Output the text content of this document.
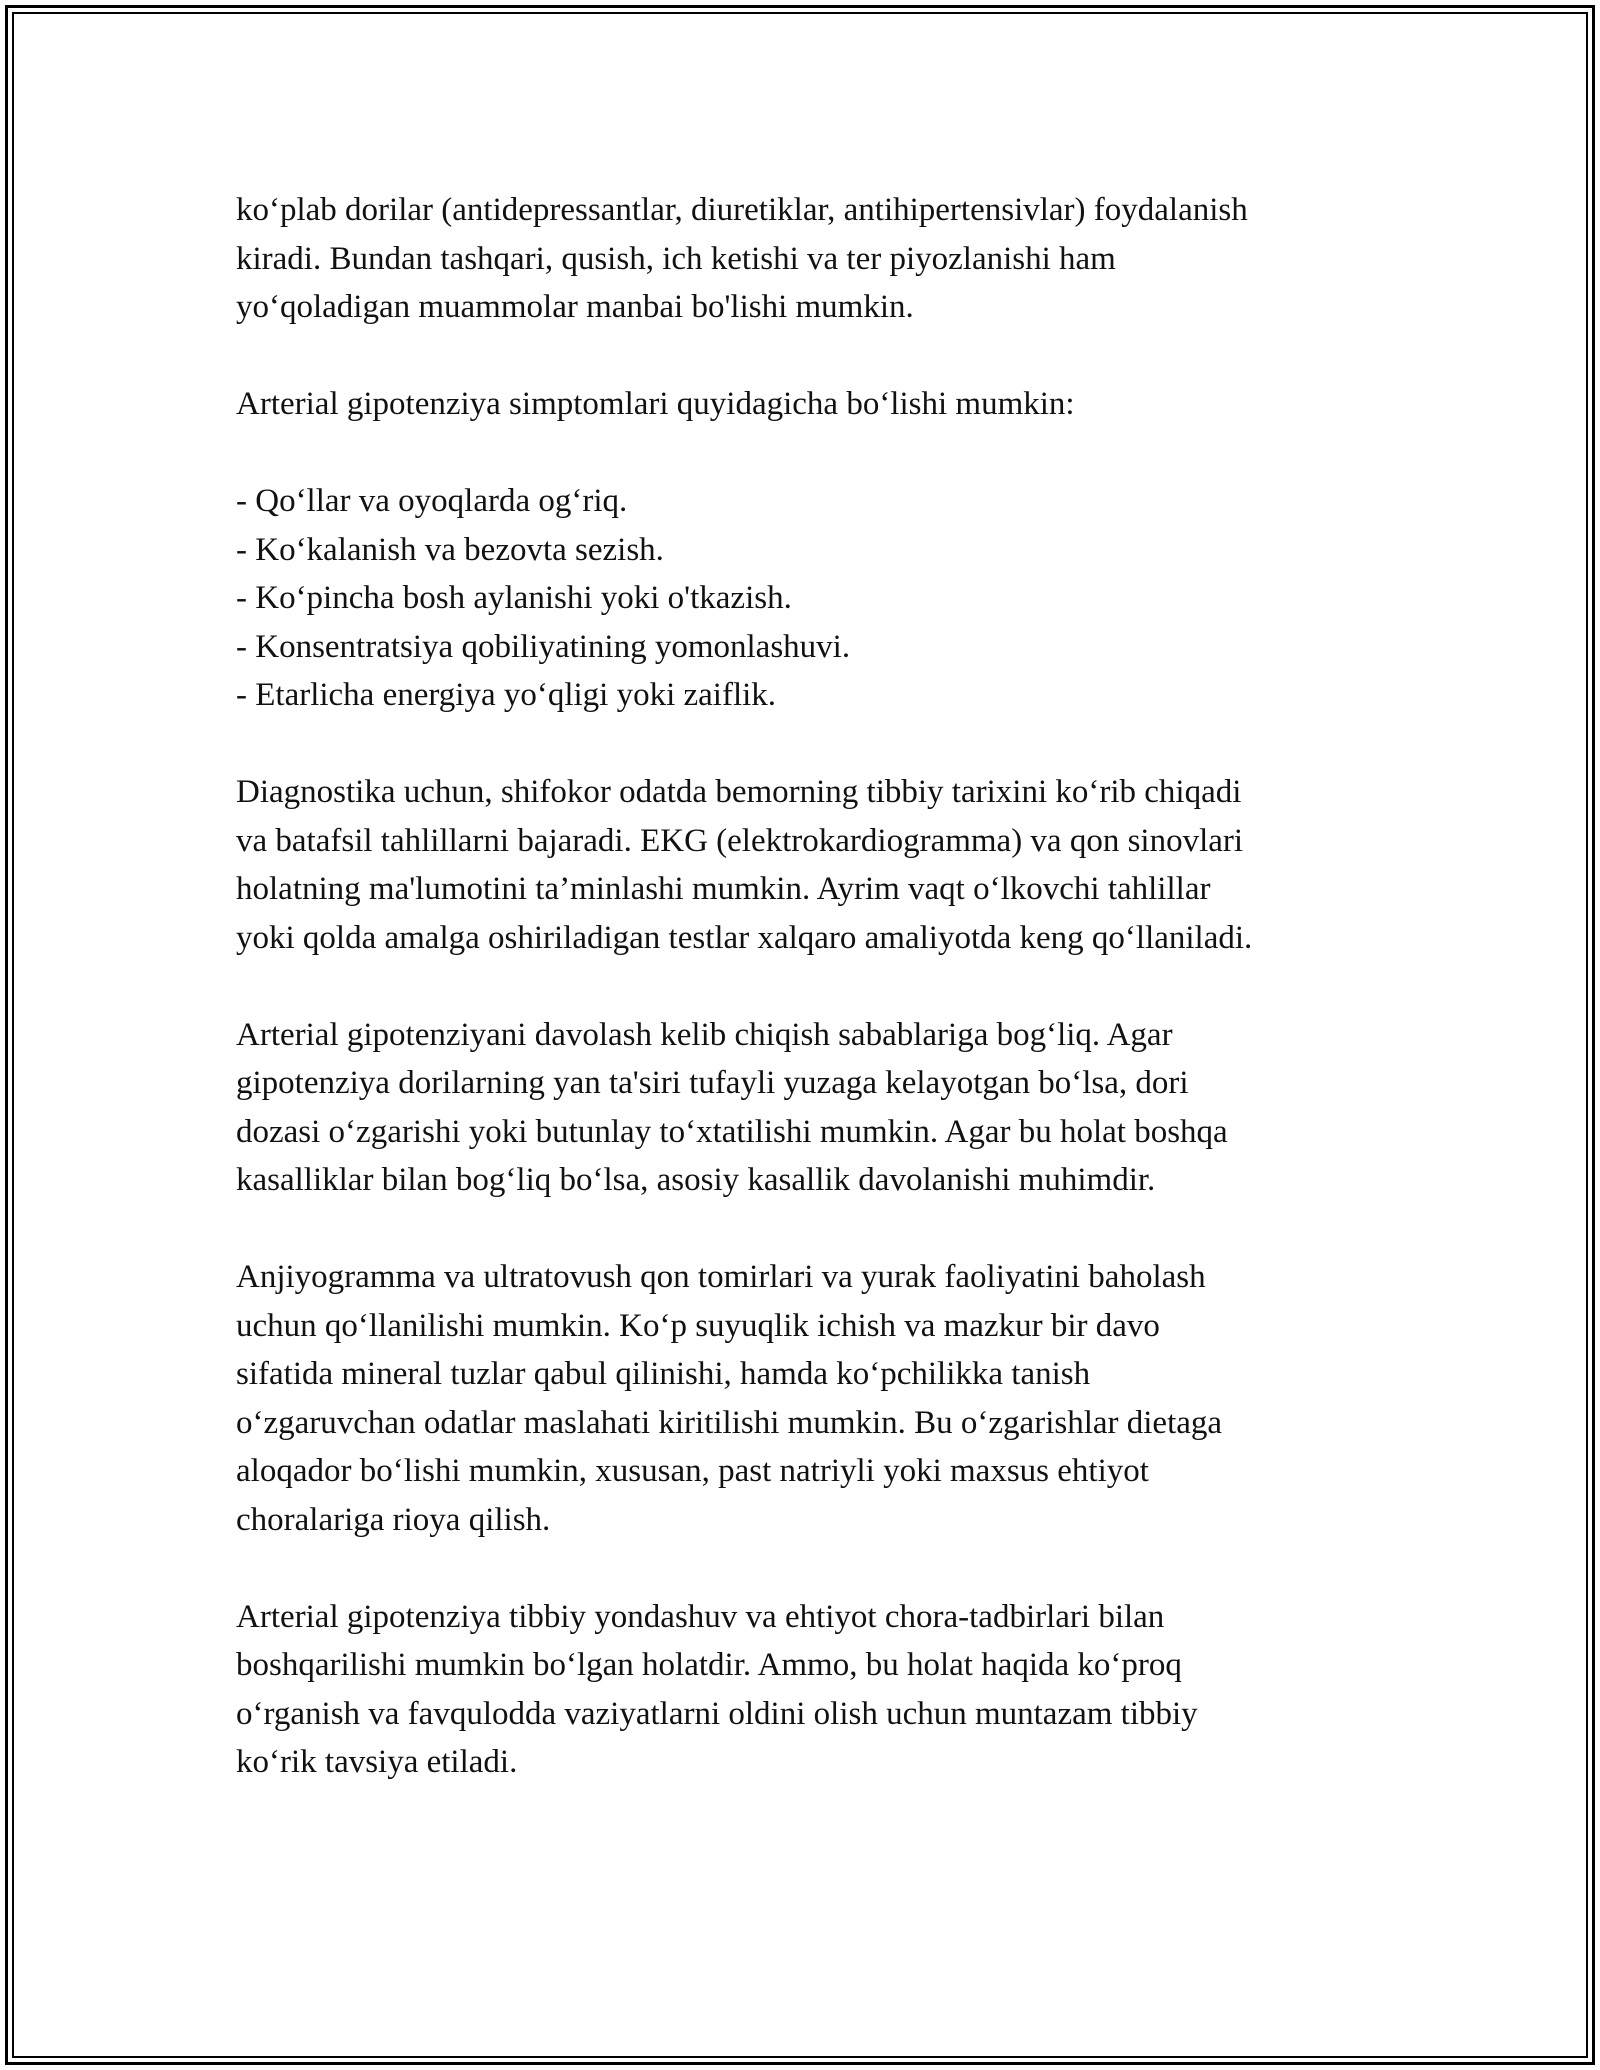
ko‘plab dorilar (antidepressantlar, diuretiklar, antihipertensivlar) foydalanish
kiradi. Bundan tashqari, qusish, ich ketishi va ter piyozlanishi ham
yo‘qoladigan muammolar manbai bo'lishi mumkin.

Arterial gipotenziya simptomlari quyidagicha bo‘lishi mumkin:

- Qo‘llar va oyoqlarda og‘riq.
- Ko‘kalanish va bezovta sezish.
- Ko‘pincha bosh aylanishi yoki o'tkazish.
- Konsentratsiya qobiliyatining yomonlashuvi.
- Etarlicha energiya yo‘qligi yoki zaiflik.

Diagnostika uchun, shifokor odatda bemorning tibbiy tarixini ko‘rib chiqadi
va batafsil tahlillarni bajaradi. EKG (elektrokardiogramma) va qon sinovlari
holatning ma'lumotini ta’minlashi mumkin. Ayrim vaqt o‘lkovchi tahlillar
yoki qolda amalga oshiriladigan testlar xalqaro amaliyotda keng qo‘llaniladi.

Arterial gipotenziyani davolash kelib chiqish sabablariga bog‘liq. Agar
gipotenziya dorilarning yan ta'siri tufayli yuzaga kelayotgan bo‘lsa, dori
dozasi o‘zgarishi yoki butunlay to‘xtatilishi mumkin. Agar bu holat boshqa
kasalliklar bilan bog‘liq bo‘lsa, asosiy kasallik davolanishi muhimdir.

Anjiyogramma va ultratovush qon tomirlari va yurak faoliyatini baholash
uchun qo‘llanilishi mumkin. Ko‘p suyuqlik ichish va mazkur bir davo
sifatida mineral tuzlar qabul qilinishi, hamda ko‘pchilikka tanish
o‘zgaruvchan odatlar maslahati kiritilishi mumkin. Bu o‘zgarishlar dietaga
aloqador bo‘lishi mumkin, xususan, past natriyli yoki maxsus ehtiyot
choralariga rioya qilish.

Arterial gipotenziya tibbiy yondashuv va ehtiyot chora-tadbirlari bilan
boshqarilishi mumkin bo‘lgan holatdir. Ammo, bu holat haqida ko‘proq
o‘rganish va favqulodda vaziyatlarni oldini olish uchun muntazam tibbiy
ko‘rik tavsiya etiladi.
